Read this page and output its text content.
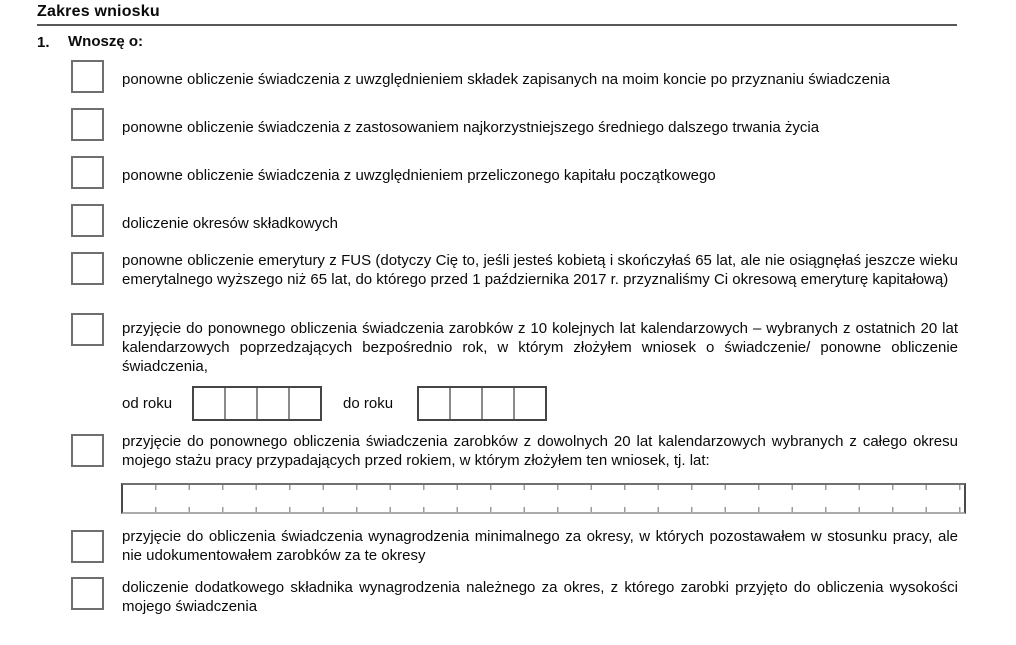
Zakres wniosku
1. Wnoszę o:
ponowne obliczenie świadczenia z uwzględnieniem składek zapisanych na moim koncie po przyznaniu świadczenia
ponowne obliczenie świadczenia z zastosowaniem najkorzystniejszego średniego dalszego trwania życia
ponowne obliczenie świadczenia z uwzględnieniem przeliczonego kapitału początkowego
doliczenie okresów składkowych
ponowne obliczenie emerytury z FUS (dotyczy Cię to, jeśli jesteś kobietą i skończyłaś 65 lat, ale nie osiągnęłaś jeszcze wieku emerytalnego wyższego niż 65 lat, do którego przed 1 października 2017 r. przyznaliśmy Ci okresową emeryturę kapitałową)
przyjęcie do ponownego obliczenia świadczenia zarobków z 10 kolejnych lat kalendarzowych – wybranych z ostatnich 20 lat kalendarzowych poprzedzających bezpośrednio rok, w którym złożyłem wniosek o świadczenie/ ponowne obliczenie świadczenia,
od roku	do roku
przyjęcie do ponownego obliczenia świadczenia zarobków z dowolnych 20 lat kalendarzowych wybranych z całego okresu mojego stażu pracy przypadających przed rokiem, w którym złożyłem ten wniosek, tj. lat:
przyjęcie do obliczenia świadczenia wynagrodzenia minimalnego za okresy, w których pozostawałem w stosunku pracy, ale nie udokumentowałem zarobków za te okresy
doliczenie dodatkowego składnika wynagrodzenia należnego za okres, z którego zarobki przyjęto do obliczenia wysokości mojego świadczenia
